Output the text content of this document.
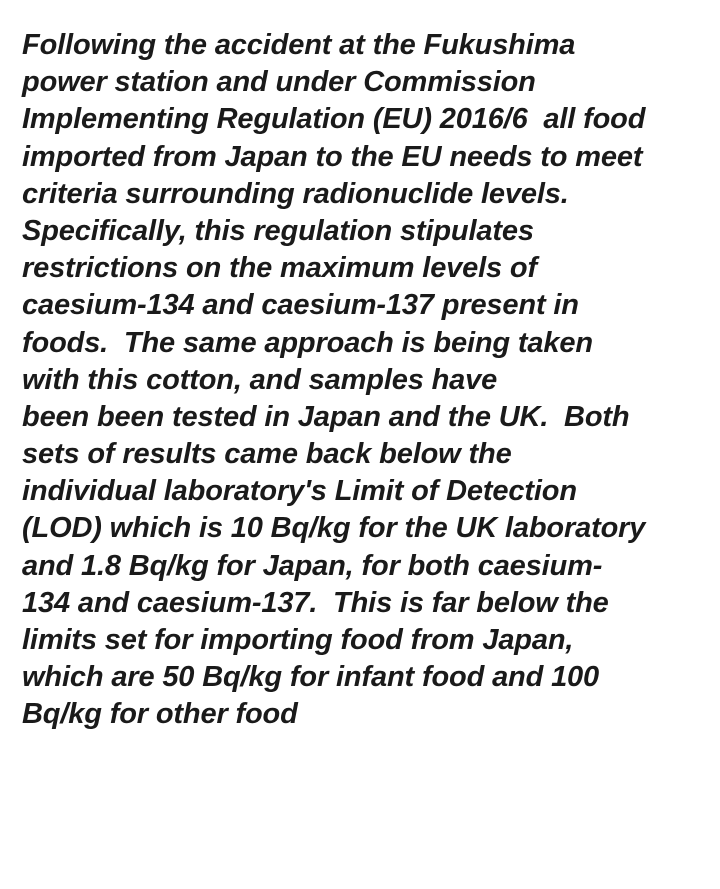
Following the accident at the Fukushima
power station and under Commission
Implementing Regulation (EU) 2016/6  all food
imported from Japan to the EU needs to meet
criteria surrounding radionuclide levels.
Specifically, this regulation stipulates
restrictions on the maximum levels of
caesium-134 and caesium-137 present in
foods.  The same approach is being taken
with this cotton, and samples have
been been tested in Japan and the UK.  Both
sets of results came back below the
individual laboratory's Limit of Detection
(LOD) which is 10 Bq/kg for the UK laboratory
and 1.8 Bq/kg for Japan, for both caesium-
134 and caesium-137.  This is far below the
limits set for importing food from Japan,
which are 50 Bq/kg for infant food and 100
Bq/kg for other food
